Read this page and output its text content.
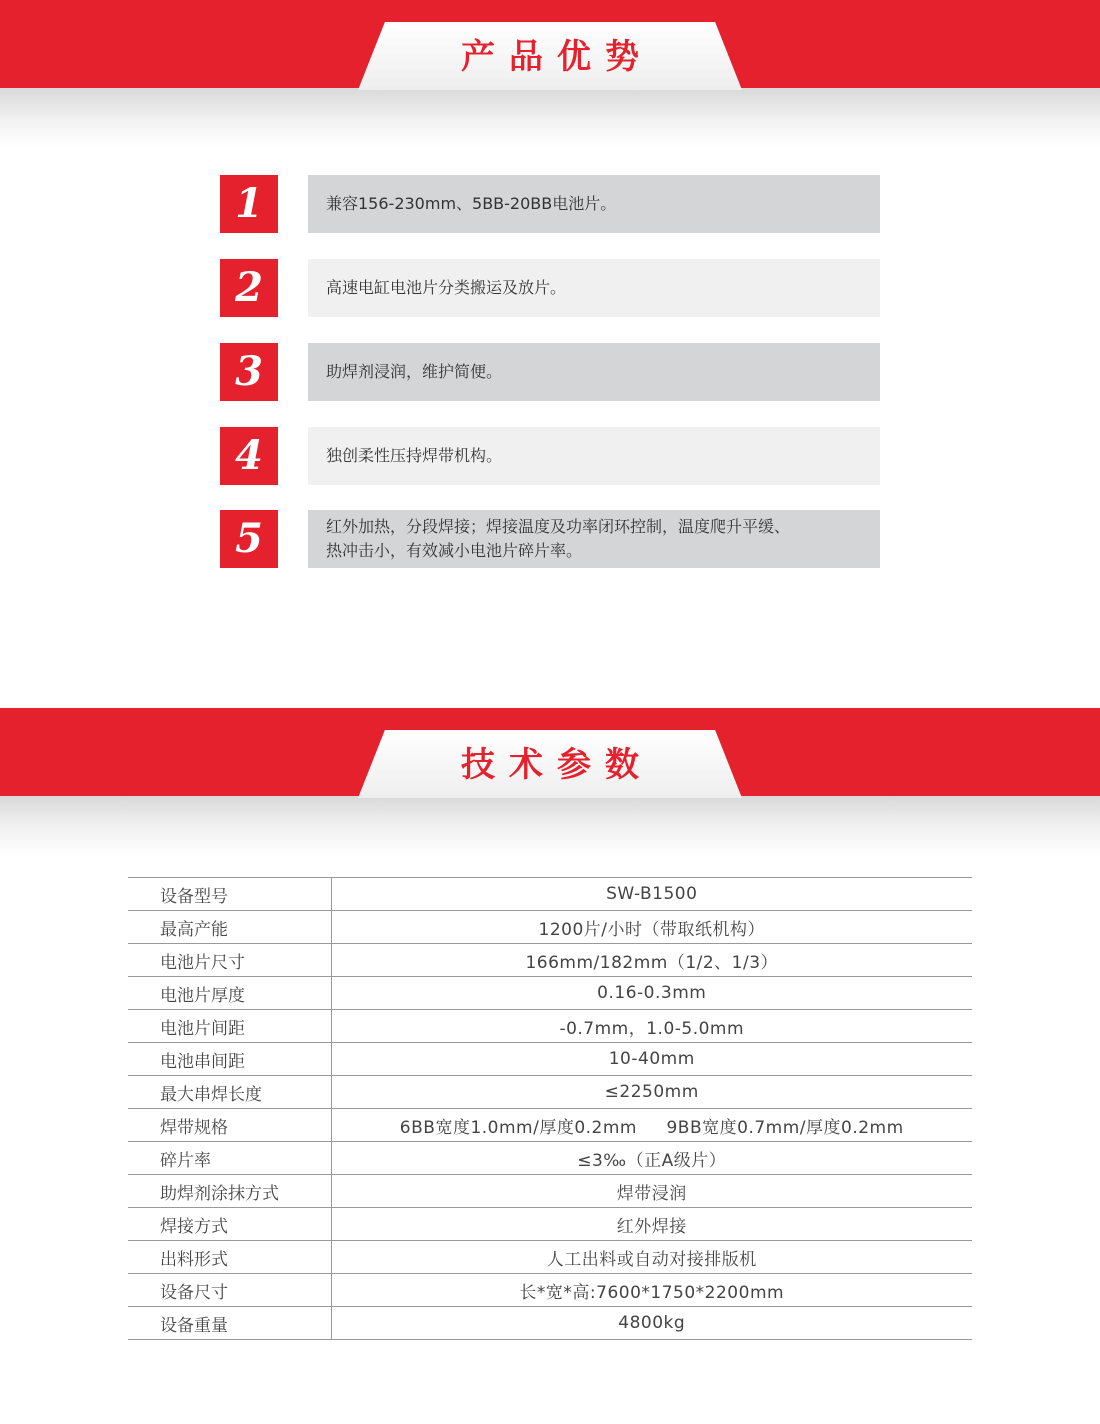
产品优势
1	兼容156-230mm、5BB-20BB电池片。
2	高速电缸电池片分类搬运及放片。
3	助焊剂浸润，维护简便。
4	独创柔性压持焊带机构。
5	红外加热，分段焊接；焊接温度及功率闭环控制，温度爬升平缓、
热冲击小，有效减小电池片碎片率。
技术参数
设备型号	SW-B1500
最高产能	1200片/小时（带取纸机构）
电池片尺寸	166mm/182mm（1/2、1/3）
电池片厚度	0.16-0.3mm
电池片间距	-0.7mm，1.0-5.0mm
电池串间距	10-40mm
最大串焊长度	≤2250mm
焊带规格	6BB宽度1.0mm/厚度0.2mm     9BB宽度0.7mm/厚度0.2mm
碎片率	≤3‰（正A级片）
助焊剂涂抹方式	焊带浸润
焊接方式	红外焊接
出料形式	人工出料或自动对接排版机
设备尺寸	长*宽*高:7600*1750*2200mm
设备重量	4800kg
